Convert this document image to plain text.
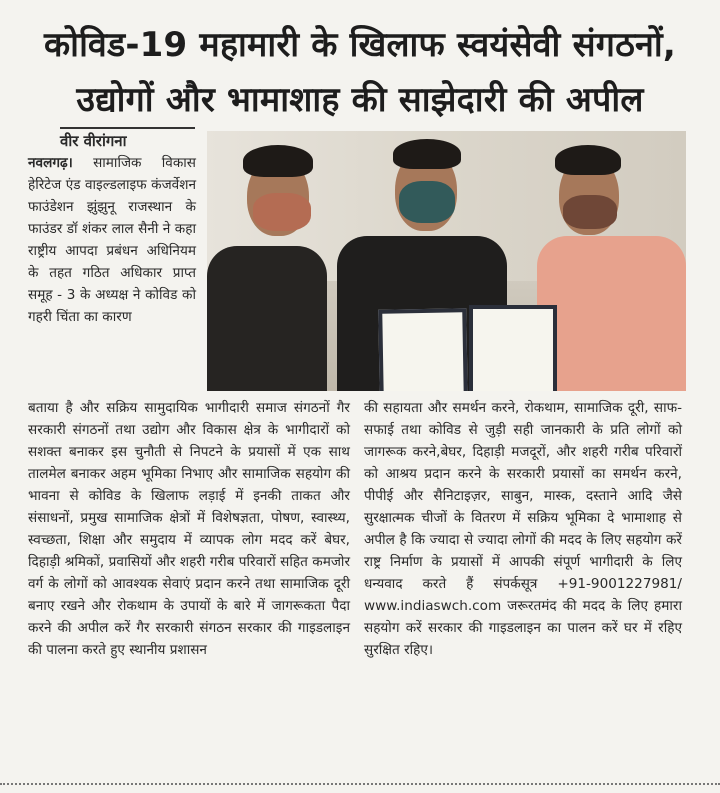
कोविड-19 महामारी के खिलाफ स्वयंसेवी संगठनों,
उद्योगों और भामाशाह की साझेदारी की अपील
वीर वीरांगना

नवलगढ़। सामाजिक विकास हेरिटेज एंड वाइल्डलाइफ कंजर्वेशन फाउंडेशन झुंझुनू राजस्थान के फाउंडर डॉ शंकर लाल सैनी ने कहा राष्ट्रीय आपदा प्रबंधन अधिनियम के तहत गठित अधिकार प्राप्त समूह - 3 के अध्यक्ष ने कोविड को गहरी चिंता का कारण

बताया है और सक्रिय सामुदायिक भागीदारी समाज संगठनों गैर सरकारी संगठनों तथा उद्योग और विकास क्षेत्र के भागीदारों को सशक्त बनाकर इस चुनौती से निपटने के प्रयासों में एक साथ तालमेल बनाकर अहम भूमिका निभाए और सामाजिक सहयोग की भावना से कोविड के खिलाफ लड़ाई में इनकी ताकत और संसाधनों, प्रमुख सामाजिक क्षेत्रों में विशेषज्ञता, पोषण, स्वास्थ्य, स्वच्छता, शिक्षा और समुदाय में व्यापक लोग मदद करें बेघर, दिहाड़ी श्रमिकों, प्रवासियों और शहरी गरीब परिवारों सहित कमजोर वर्ग के लोगों को आवश्यक सेवाएं प्रदान करने तथा सामाजिक दूरी बनाए रखने और रोकथाम के उपायों के बारे में जागरूकता पैदा करने की अपील करें गैर सरकारी संगठन सरकार की गाइडलाइन की पालना करते हुए स्थानीय प्रशासन

की सहायता और समर्थन करने, रोकथाम, सामाजिक दूरी, साफ-सफाई तथा कोविड से जुड़ी सही जानकारी के प्रति लोगों को जागरूक करने,बेघर, दिहाड़ी मजदूरों, और शहरी गरीब परिवारों को आश्रय प्रदान करने के सरकारी प्रयासों का समर्थन करने, पीपीई और सैनिटाइज़र, साबुन, मास्क, दस्ताने आदि जैसे सुरक्षात्मक चीजों के वितरण में सक्रिय भूमिका दे भामाशाह से अपील है कि ज्यादा से ज्यादा लोगों की मदद के लिए सहयोग करें राष्ट्र निर्माण के प्रयासों में आपकी संपूर्ण भागीदारी के लिए धन्यवाद करते हैं संपर्कसूत्र +91-9001227981/ www.indiaswch.com जरूरतमंद की मदद के लिए हमारा सहयोग करें सरकार की गाइडलाइन का पालन करें घर में रहिए सुरक्षित रहिए।
